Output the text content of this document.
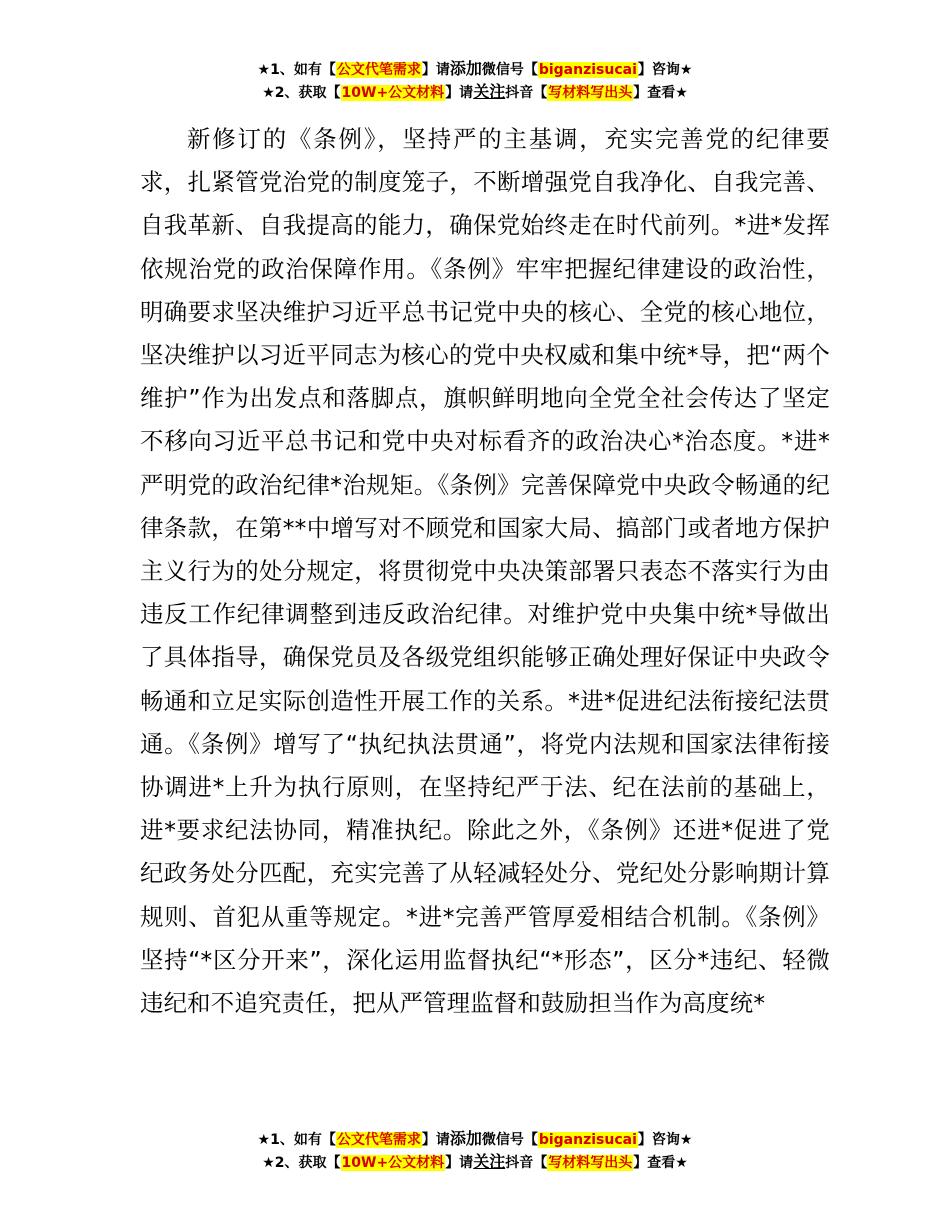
★1、如有【公文代笔需求】请添加微信号【biganzisucai】咨询★
★2、获取【10W+公文材料】请关注抖音【写材料写出头】查看★
新修订的《条例》，坚持严的主基调，充实完善党的纪律要求，扎紧管党治党的制度笼子，不断增强党自我净化、自我完善、自我革新、自我提高的能力，确保党始终走在时代前列。*进*发挥依规治党的政治保障作用。《条例》牢牢把握纪律建设的政治性，明确要求坚决维护习近平总书记党中央的核心、全党的核心地位，坚决维护以习近平同志为核心的党中央权威和集中统*导，把“两个维护”作为出发点和落脚点，旗帜鲜明地向全党全社会传达了坚定不移向习近平总书记和党中央对标看齐的政治决心*治态度。*进*严明党的政治纪律*治规矩。《条例》完善保障党中央政令畅通的纪律条款，在第**中增写对不顾党和国家大局、搞部门或者地方保护主义行为的处分规定，将贯彻党中央决策部署只表态不落实行为由违反工作纪律调整到违反政治纪律。对维护党中央集中统*导做出了具体指导，确保党员及各级党组织能够正确处理好保证中央政令畅通和立足实际创造性开展工作的关系。*进*促进纪法衔接纪法贯通。《条例》增写了“执纪执法贯通”，将党内法规和国家法律衔接协调进*上升为执行原则，在坚持纪严于法、纪在法前的基础上，进*要求纪法协同，精准执纪。除此之外，《条例》还进*促进了党纪政务处分匹配，充实完善了从轻减轻处分、党纪处分影响期计算规则、首犯从重等规定。*进*完善严管厚爱相结合机制。《条例》坚持“*区分开来”，深化运用监督执纪“*形态”，区分*违纪、轻微违纪和不追究责任，把从严管理监督和鼓励担当作为高度统*
★1、如有【公文代笔需求】请添加微信号【biganzisucai】咨询★
★2、获取【10W+公文材料】请关注抖音【写材料写出头】查看★
